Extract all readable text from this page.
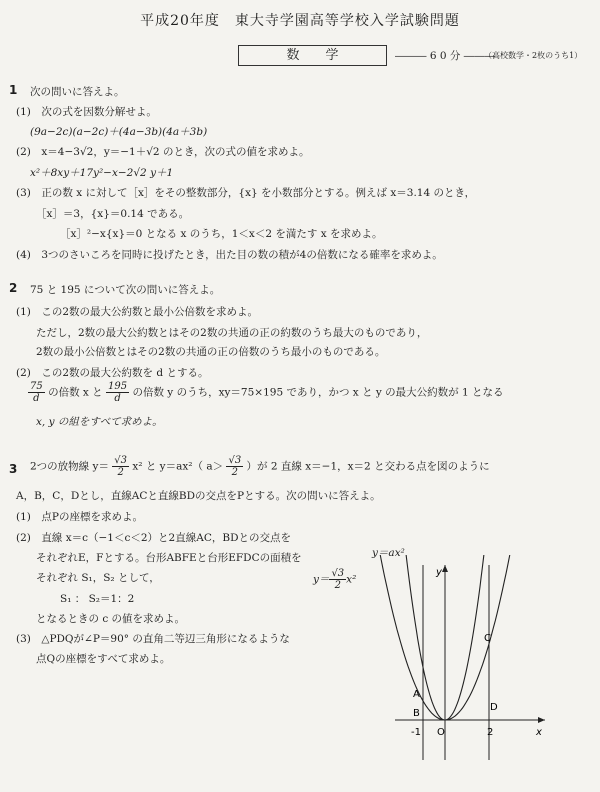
平成20年度　東大寺学園高等学校入学試験問題
数学	――― 6 0 分 ―――
（高校数学・2枚のうち1）
1 次の問いに答えよ。
(1)　次の式を因数分解せよ。
(9a−2c)(a−2c)＋(4a−3b)(4a＋3b)
(2)　x＝4−3√2，y＝−1＋√2 のとき，次の式の値を求めよ。
x²＋8xy＋17y²−x−2√2 y＋1
(3)　正の数 x に対して［x］をその整数部分，{x} を小数部分とする。例えば x＝3.14 のとき，
［x］＝3，{x}＝0.14 である。
［x］²−x{x}＝0 となる x のうち，1＜x＜2 を満たす x を求めよ。
(4)　3つのさいころを同時に投げたとき，出た目の数の積が4の倍数になる確率を求めよ。
2 75 と 195 について次の問いに答えよ。
(1)　この2数の最大公約数と最小公倍数を求めよ。
ただし，2数の最大公約数とはその2数の共通の正の約数のうち最大のものであり，
2数の最小公倍数とはその2数の共通の正の倍数のうち最小のものである。
(2)　この2数の最大公約数を d とする。
$\frac{75}{d}$ の倍数 x と $\frac{195}{d}$ の倍数 y のうち，xy＝75×195 であり，かつ x と y の最大公約数が 1 となる
x, y の組をすべて求めよ。
3 2つの放物線 $y= \frac{√3}{2} x^2$ と y＝ax²（ $a> \frac{√3}{2}$ ）が 2 直線 x＝−1，x＝2 と交わる点を図のように
A，B，C，Dとし，直線ACと直線BDの交点をPとする。次の問いに答えよ。
(1)　点Pの座標を求めよ。
(2)　直線 x＝c（−1＜c＜2）と2直線AC，BDとの交点を
それぞれE，Fとする。台形ABFEと台形EFDCの面積を
それぞれ S₁，S₂ として，
S₁ ： S₂＝1：2
となるときの c の値を求めよ。
(3)　△PDQが∠P＝90° の直角二等辺三角形になるような
点Qの座標をすべて求めよ。
y＝ax²
$y= \frac{√3}{2} x^2$
O
-1	2	x
y
A
B
C
D
